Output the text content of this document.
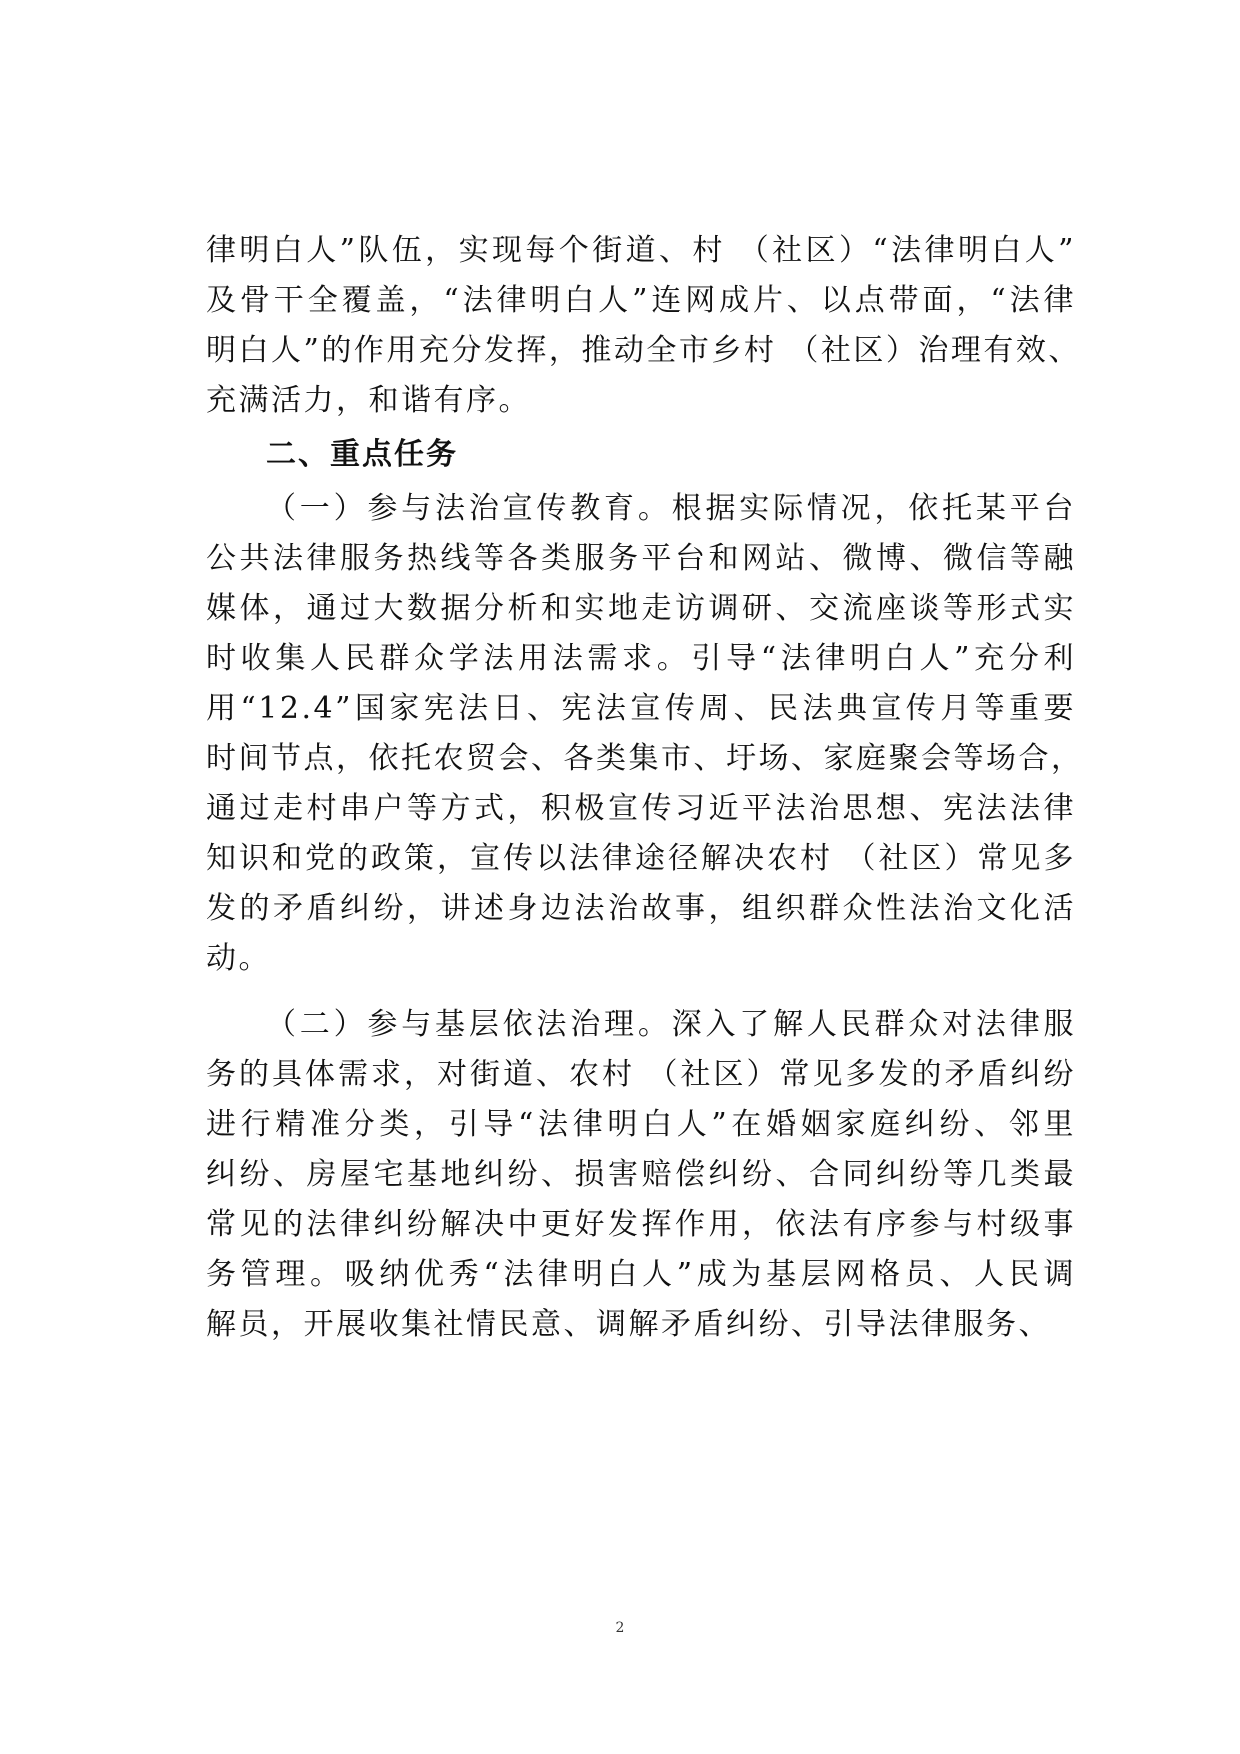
律明白人”队伍，实现每个街道、村 （社区）“法律明白人”
及骨干全覆盖，“法律明白人”连网成片、以点带面，“法律
明白人”的作用充分发挥，推动全市乡村 （社区）治理有效、
充满活力，和谐有序。
二、重点任务
（一）参与法治宣传教育。根据实际情况，依托某平台
公共法律服务热线等各类服务平台和网站、微博、微信等融
媒体，通过大数据分析和实地走访调研、交流座谈等形式实
时收集人民群众学法用法需求。引导“法律明白人”充分利
用“12.4”国家宪法日、宪法宣传周、民法典宣传月等重要
时间节点，依托农贸会、各类集市、圩场、家庭聚会等场合，
通过走村串户等方式，积极宣传习近平法治思想、宪法法律
知识和党的政策，宣传以法律途径解决农村 （社区）常见多
发的矛盾纠纷，讲述身边法治故事，组织群众性法治文化活
动。
（二）参与基层依法治理。深入了解人民群众对法律服
务的具体需求，对街道、农村 （社区）常见多发的矛盾纠纷
进行精准分类，引导“法律明白人”在婚姻家庭纠纷、邻里
纠纷、房屋宅基地纠纷、损害赔偿纠纷、合同纠纷等几类最
常见的法律纠纷解决中更好发挥作用，依法有序参与村级事
务管理。吸纳优秀“法律明白人”成为基层网格员、人民调
解员，开展收集社情民意、调解矛盾纠纷、引导法律服务、
2
